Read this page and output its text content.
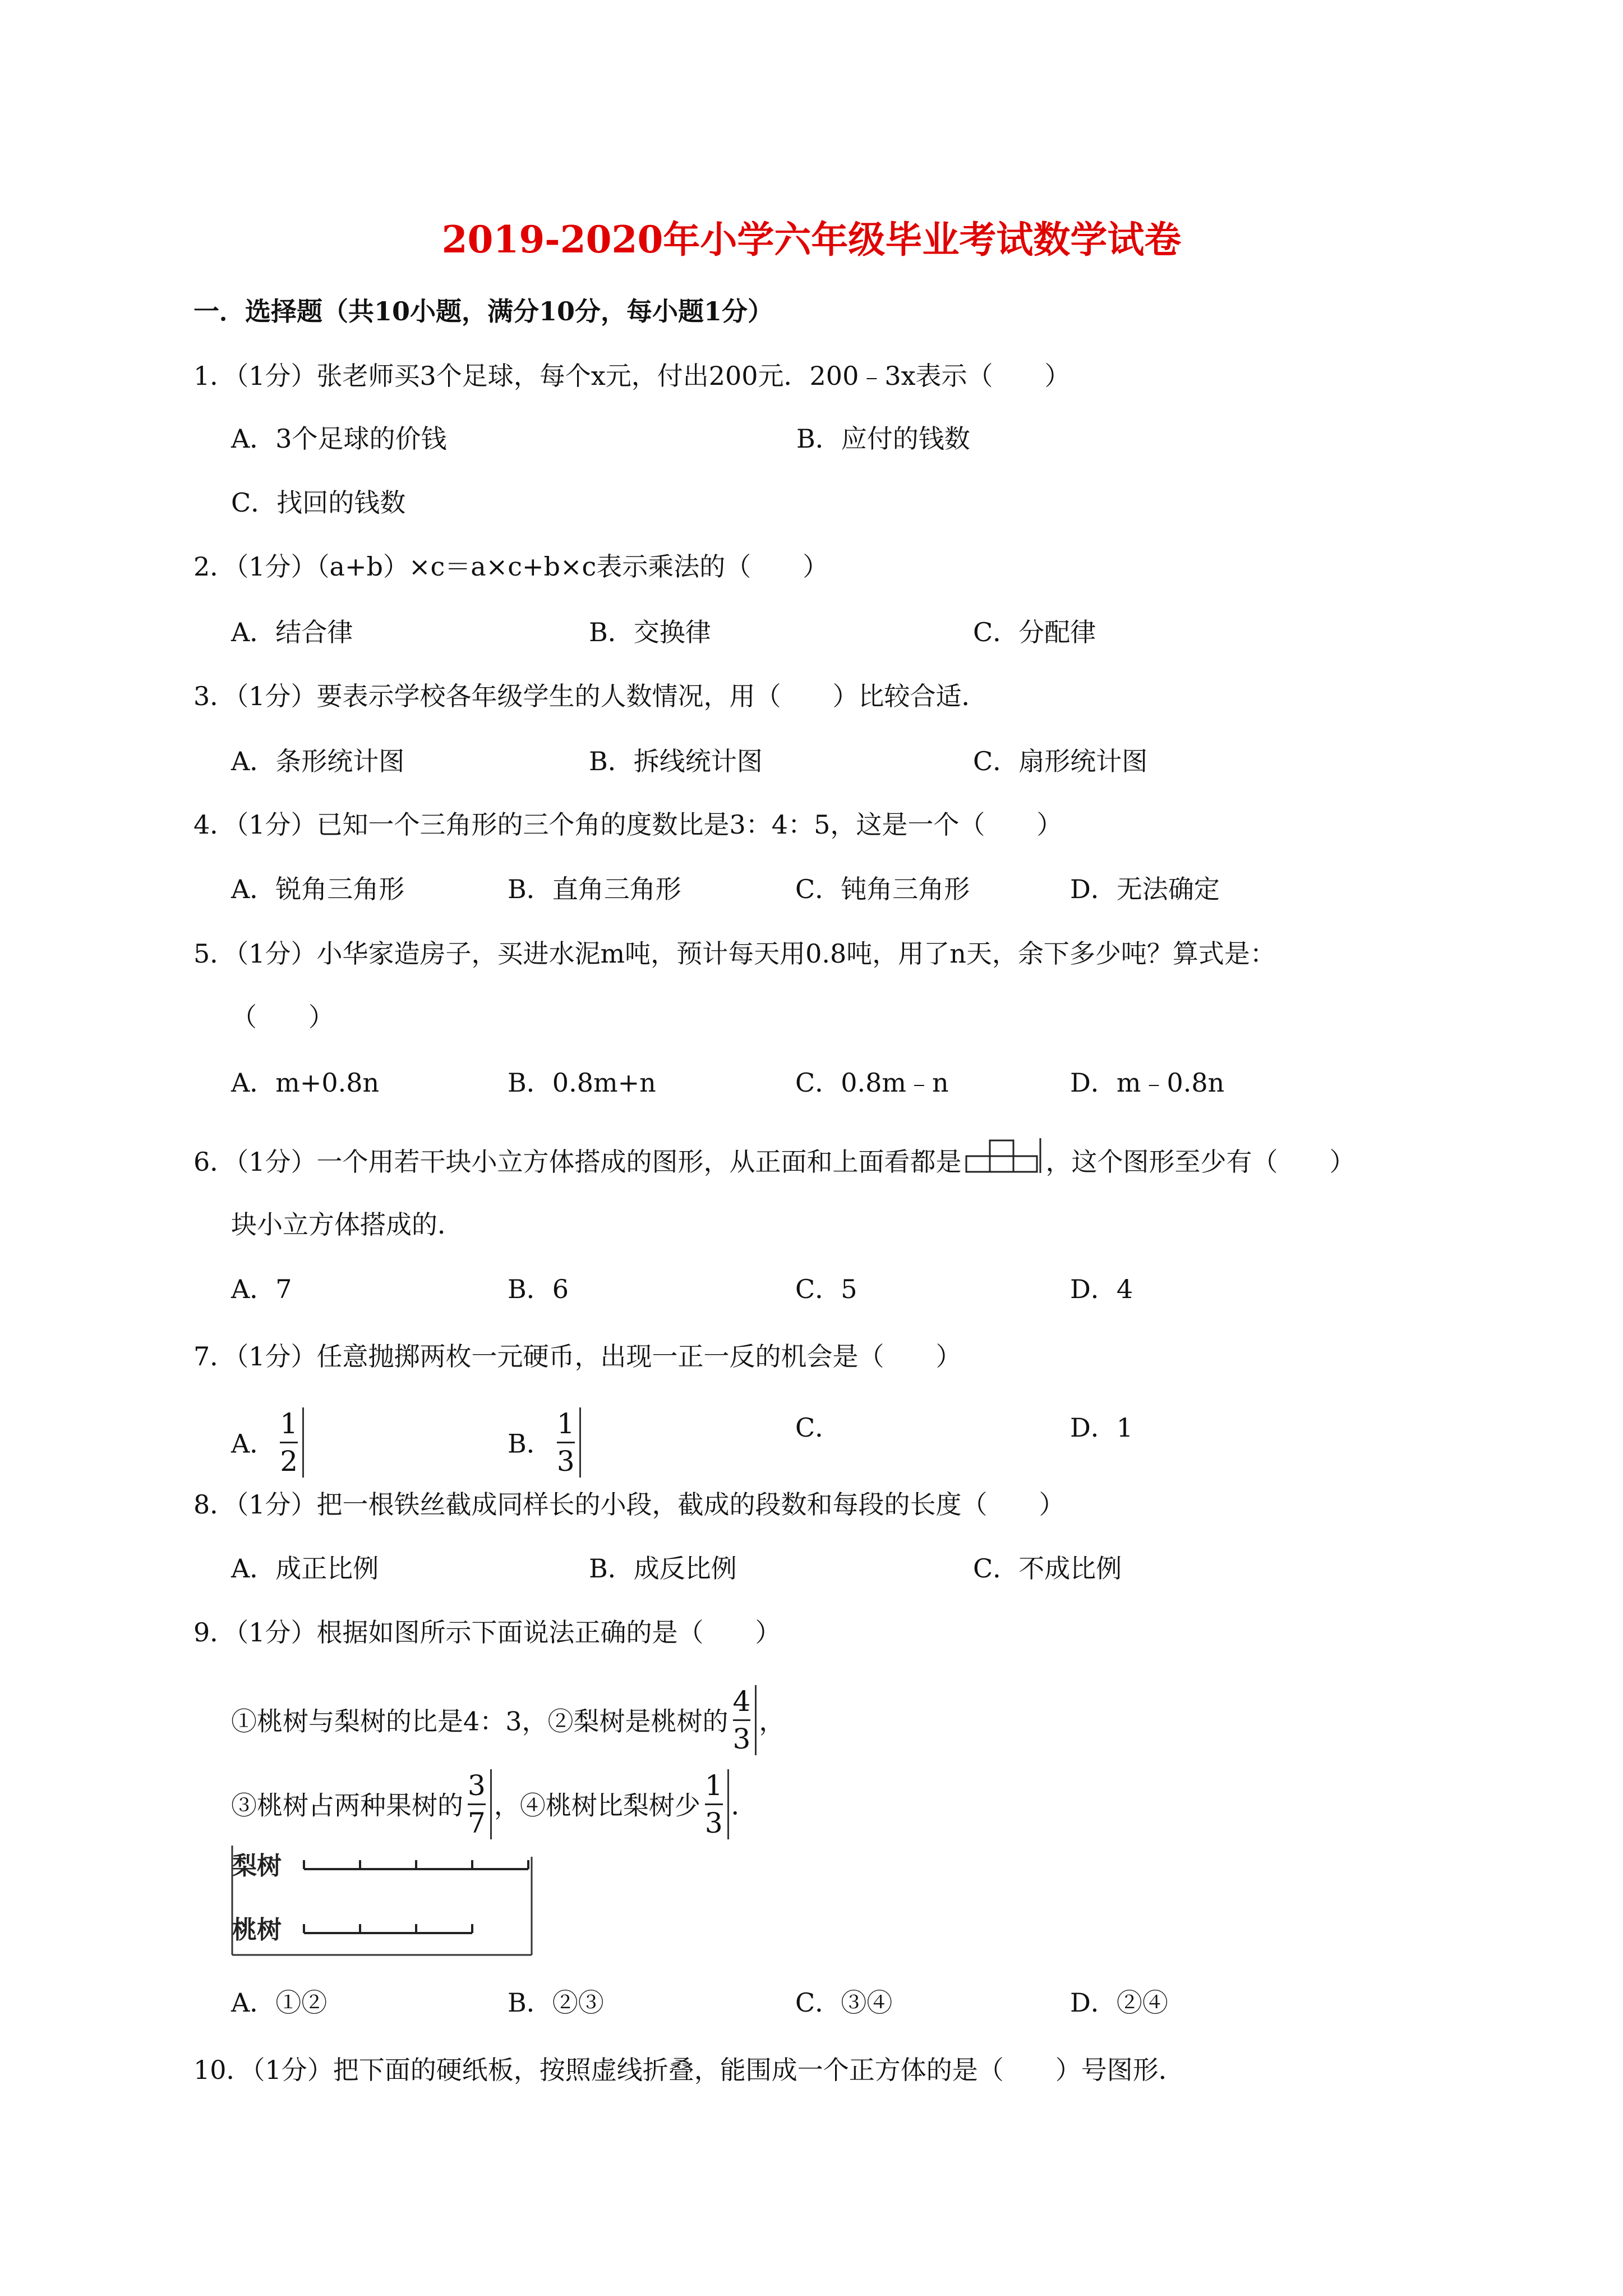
2019-2020年小学六年级毕业考试数学试卷
一．选择题（共10小题，满分10分，每小题1分）
1．（1分）张老师买3个足球，每个x元，付出200元．200﹣3x表示（　　）
A．3个足球的价钱	B．应付的钱数
C．找回的钱数
2．（1分）（a+b）×c＝a×c+b×c表示乘法的（　　）
A．结合律	B．交换律	C．分配律
3．（1分）要表示学校各年级学生的人数情况，用（　　）比较合适．
A．条形统计图	B．拆线统计图	C．扇形统计图
4．（1分）已知一个三角形的三个角的度数比是3：4：5，这是一个（　　）
A．锐角三角形	B．直角三角形	C．钝角三角形	D．无法确定
5．（1分）小华家造房子，买进水泥m吨，预计每天用0.8吨，用了n天，余下多少吨？算式是：
（　　）
A．m+0.8n	B．0.8m+n	C．0.8m﹣n	D．m﹣0.8n
6．（1分）一个用若干块小立方体搭成的图形，从正面和上面看都是	，这个图形至少有（　　）
块小立方体搭成的．
A．7	B．6	C．5	D．4
7．（1分）任意抛掷两枚一元硬币，出现一正一反的机会是（　　）
A． $\frac{1}{2}$	B． $\frac{1}{3}$	C．	D．1
8．（1分）把一根铁丝截成同样长的小段，截成的段数和每段的长度（　　）
A．成正比例	B．成反比例	C．不成比例
9．（1分）根据如图所示下面说法正确的是（　　）
①桃树与梨树的比是4：3，②梨树是桃树的 $\frac{4}{3}$ ，
③桃树占两种果树的 $\frac{3}{7}$ ，④桃树比梨树少 $\frac{1}{3}$ ．
梨树
桃树
A．①②	B．②③	C．③④	D．②④
10．（1分）把下面的硬纸板，按照虚线折叠，能围成一个正方体的是（　　）号图形．
